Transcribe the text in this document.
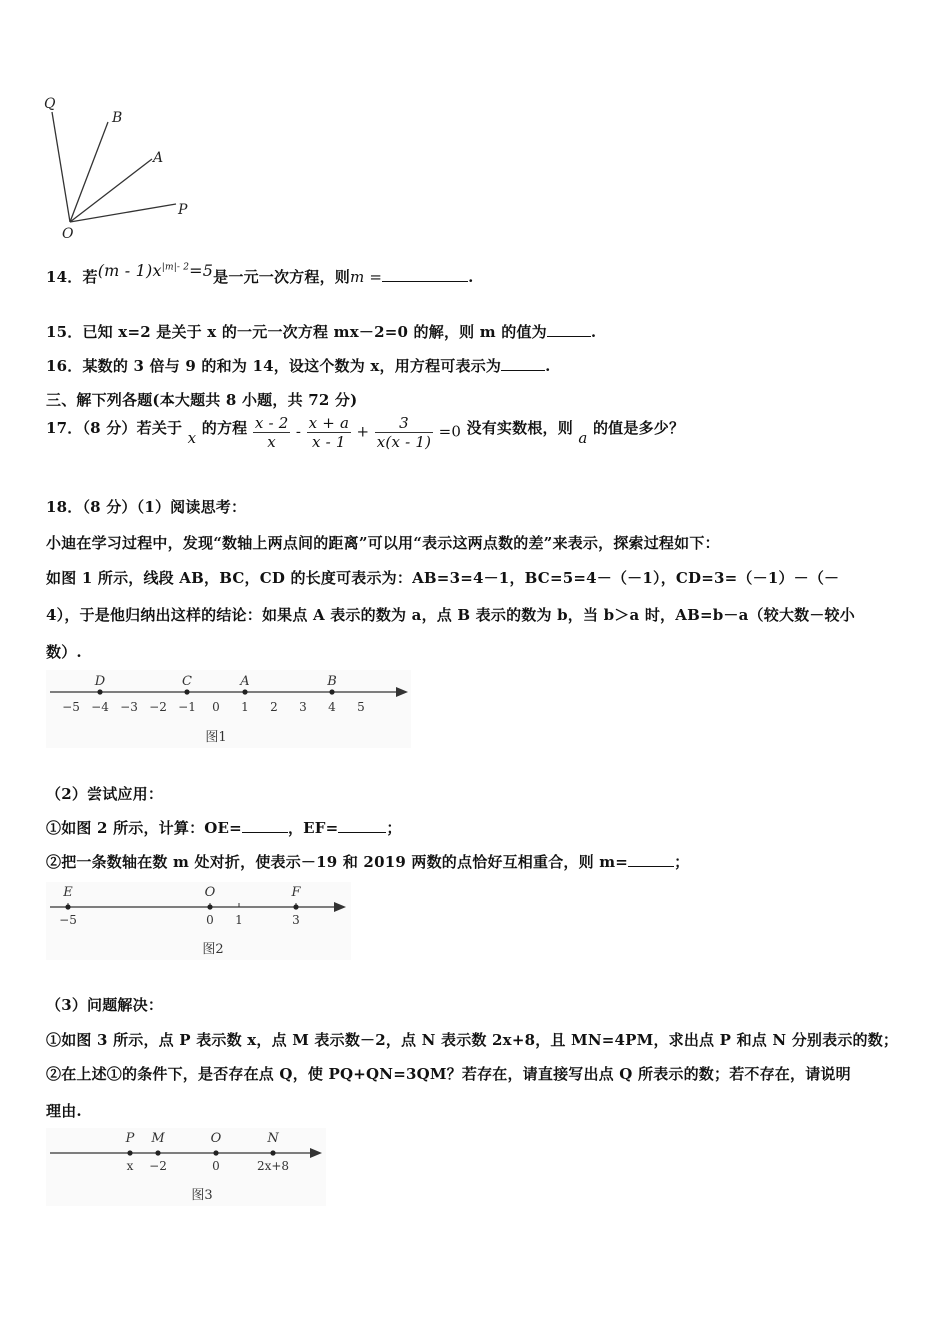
Q
B
A
P
O
14．若$(m - 1)x^{|m|- 2}=5$是一元一次方程，则m =	.
15．已知 x=2 是关于 x 的一元一次方程 mx－2=0 的解，则 m 的值为	.
16．某数的 3 倍与 9 的和为 14，设这个数为 x，用方程可表示为	.
三、解下列各题(本大题共 8 小题，共 72 分)
17．（8 分）若关于 x 的方程 $\frac{x - 2}{x} - \frac{x + a}{x - 1} + \frac{3}{x(x - 1)} =0$ 没有实数根，则 a 的值是多少？
18．（8 分）（1）阅读思考：
小迪在学习过程中，发现“数轴上两点间的距离”可以用“表示这两点数的差”来表示，探索过程如下：
如图 1 所示，线段 AB，BC，CD 的长度可表示为：AB=3=4－1，BC=5=4－（－1），CD=3=（－1）－（－
4），于是他归纳出这样的结论：如果点 A 表示的数为 a，点 B 表示的数为 b，当 b＞a 时，AB=b－a（较大数－较小
数）.
−5 −4 −3 −2 −1 0 1 2 3 4 5
D	C	A	B
图1
（2）尝试应用：
①如图 2 所示，计算：OE=	，EF=	；
②把一条数轴在数 m 处对折，使表示－19 和 2019 两数的点恰好互相重合，则 m=	；
−5	0 1	3
E	O	F
图2
（3）问题解决：
①如图 3 所示，点 P 表示数 x，点 M 表示数－2，点 N 表示数 2x+8，且 MN=4PM，求出点 P 和点 N 分别表示的数；
②在上述①的条件下，是否存在点 Q，使 PQ+QN=3QM？若存在，请直接写出点 Q 所表示的数；若不存在，请说明
理由.
x −2	0	2x+8
P M	O	N
图3
